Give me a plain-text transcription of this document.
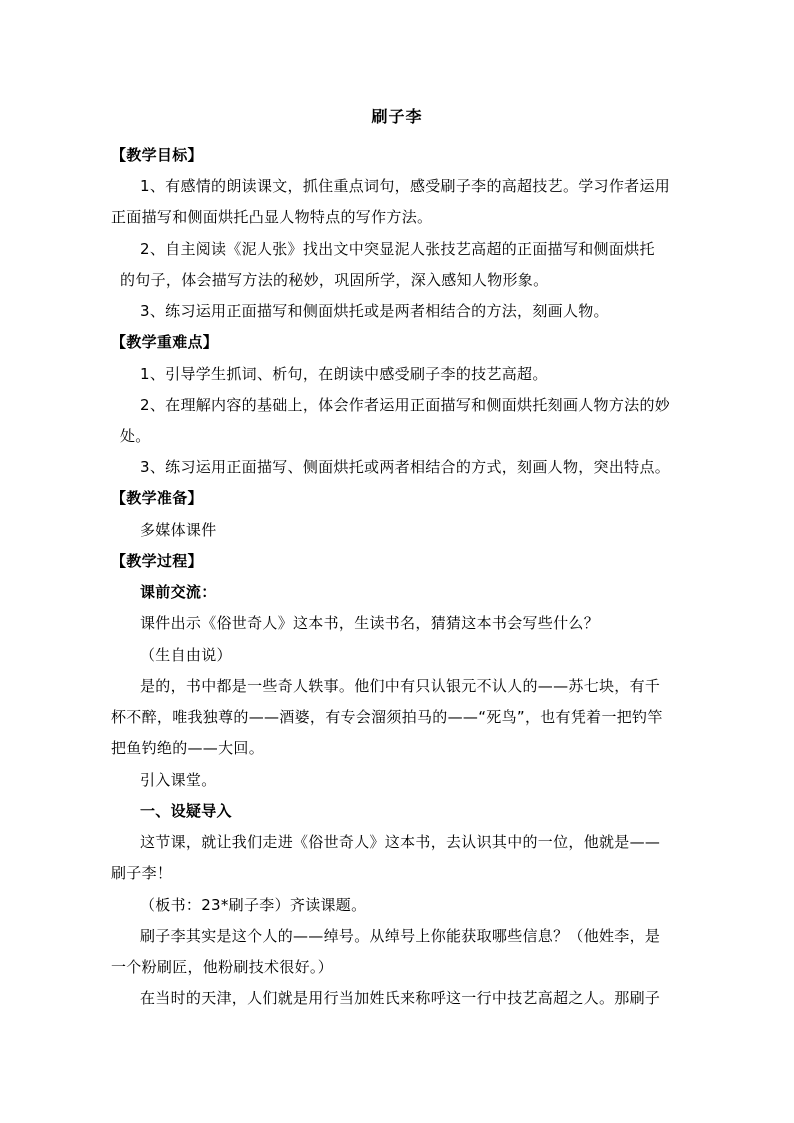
刷子李
【教学目标】
1、有感情的朗读课文，抓住重点词句，感受刷子李的高超技艺。学习作者运用
正面描写和侧面烘托凸显人物特点的写作方法。
2、自主阅读《泥人张》找出文中突显泥人张技艺高超的正面描写和侧面烘托
的句子，体会描写方法的秘妙，巩固所学，深入感知人物形象。
3、练习运用正面描写和侧面烘托或是两者相结合的方法，刻画人物。
【教学重难点】
1、引导学生抓词、析句，在朗读中感受刷子李的技艺高超。
2、在理解内容的基础上，体会作者运用正面描写和侧面烘托刻画人物方法的妙
处。
3、练习运用正面描写、侧面烘托或两者相结合的方式，刻画人物，突出特点。
【教学准备】
多媒体课件
【教学过程】
课前交流：
课件出示《俗世奇人》这本书，生读书名，猜猜这本书会写些什么？
（生自由说）
是的，书中都是一些奇人轶事。他们中有只认银元不认人的——苏七块，有千
杯不醉，唯我独尊的——酒婆，有专会溜须拍马的——“死鸟”，也有凭着一把钓竿
把鱼钓绝的——大回。
引入课堂。
一、设疑导入
这节课，就让我们走进《俗世奇人》这本书，去认识其中的一位，他就是——
刷子李！
（板书：23*刷子李）齐读课题。
刷子李其实是这个人的——绰号。从绰号上你能获取哪些信息？（他姓李，是
一个粉刷匠，他粉刷技术很好。）
在当时的天津，人们就是用行当加姓氏来称呼这一行中技艺高超之人。那刷子
